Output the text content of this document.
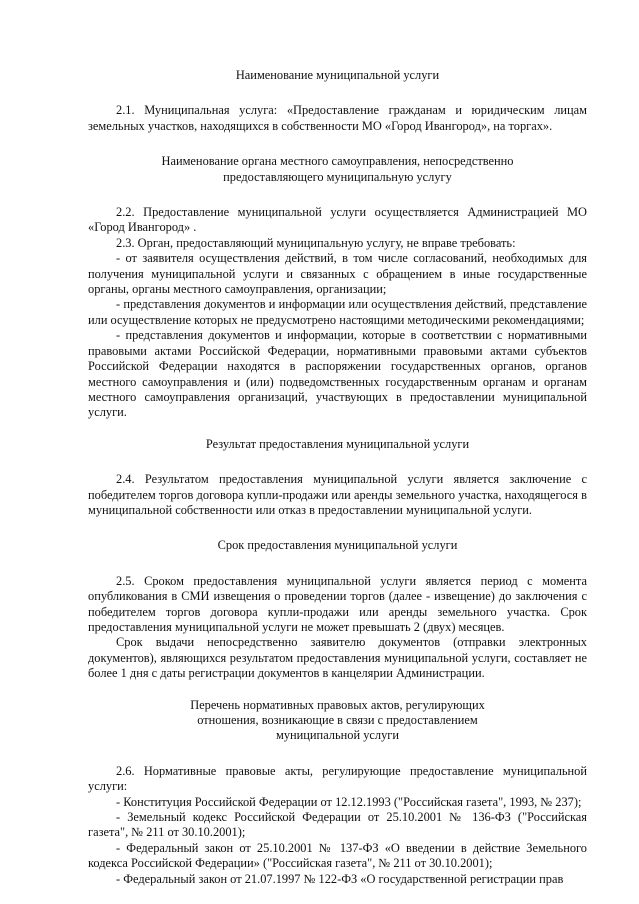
Наименование муниципальной услуги

2.1. Муниципальная услуга: «Предоставление гражданам и юридическим лицам земельных участков, находящихся в собственности МО «Город Ивангород», на торгах».

Наименование органа местного самоуправления, непосредственно

предоставляющего муниципальную услугу

2.2. Предоставление муниципальной услуги осуществляется Администрацией МО «Город Ивангород» .

2.3. Орган, предоставляющий муниципальную услугу, не вправе требовать:

- от заявителя осуществления действий, в том числе согласований, необходимых для получения муниципальной услуги и связанных с обращением в иные государственные органы, органы местного самоуправления, организации;

- представления документов и информации или осуществления действий, представление или осуществление которых не предусмотрено настоящими методическими рекомендациями;

- представления документов и информации, которые в соответствии с нормативными правовыми актами Российской Федерации, нормативными правовыми актами субъектов Российской Федерации находятся в распоряжении государственных органов, органов местного самоуправления и (или) подведомственных государственным органам и органам местного самоуправления организаций, участвующих в предоставлении муниципальной услуги.

Результат предоставления муниципальной услуги

2.4. Результатом предоставления муниципальной услуги является заключение с победителем торгов договора купли-продажи или аренды земельного участка, находящегося в муниципальной собственности или отказ в предоставлении муниципальной услуги.

Срок предоставления муниципальной услуги

2.5. Сроком предоставления муниципальной услуги является период с момента опубликования в СМИ извещения о проведении торгов (далее - извещение) до заключения с победителем торгов договора купли-продажи или аренды земельного участка. Срок предоставления муниципальной услуги не может превышать 2 (двух) месяцев.

Срок выдачи непосредственно заявителю документов (отправки электронных документов), являющихся результатом предоставления муниципальной услуги, составляет не более 1 дня с даты регистрации документов в канцелярии Администрации.

Перечень нормативных правовых актов, регулирующих

отношения, возникающие в связи с предоставлением

муниципальной услуги

2.6. Нормативные правовые акты, регулирующие предоставление муниципальной услуги:

- Конституция Российской Федерации от 12.12.1993 ("Российская газета", 1993, № 237);

- Земельный кодекс Российской Федерации от 25.10.2001 № 136-ФЗ ("Российская газета", № 211 от 30.10.2001);

- Федеральный закон от 25.10.2001 № 137-ФЗ «О введении в действие Земельного кодекса Российской Федерации» ("Российская газета", № 211 от 30.10.2001);

- Федеральный закон от 21.07.1997 № 122-ФЗ «О государственной регистрации прав
